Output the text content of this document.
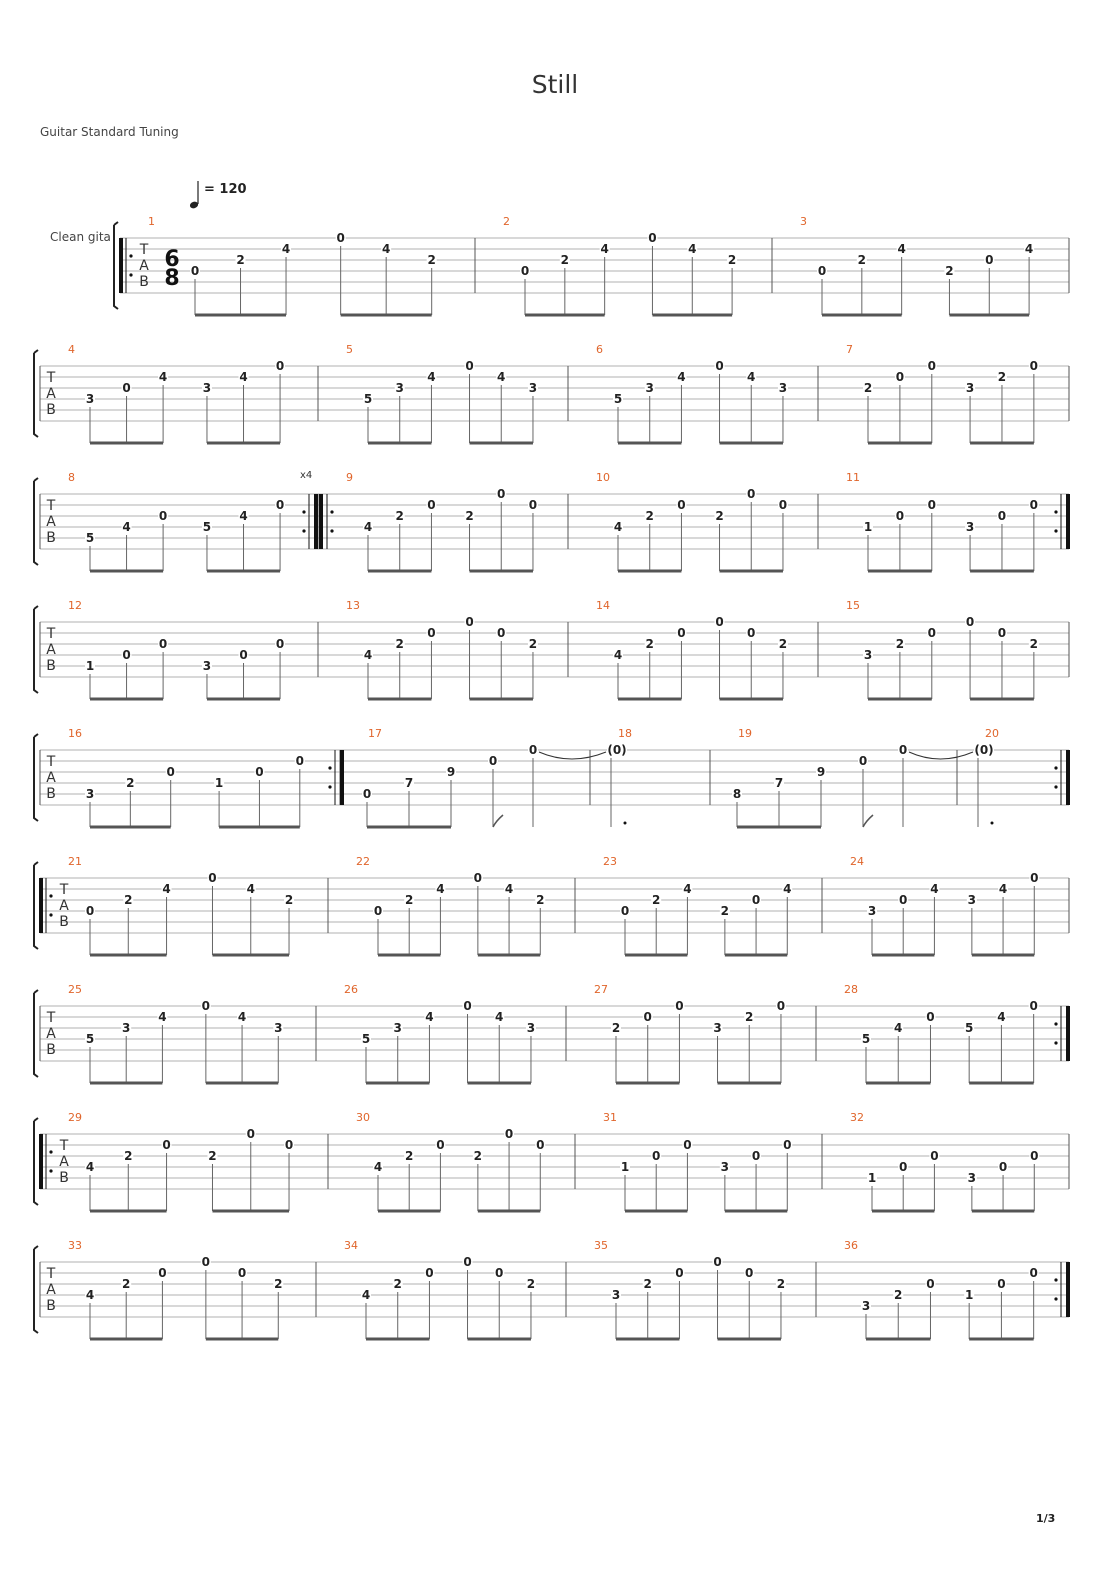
Still
Guitar Standard Tuning
= 120
Clean gita
T
A
B
6
8
1
0
2
4
0
4
2
2
0
2
4
0
4
2
3
0
2
4
2
0
4
T
A
B
4
3
0
4
3
4
0
5
5
3
4
0
4
3
6
5
3
4
0
4
3
7
2
0
0
3
2
0
T
A
B
x4
8
5
4
0
5
4
0
9
4
2
0
2
0
0
10
4
2
0
2
0
0
11
1
0
0
3
0
0
T
A
B
12
1
0
0
3
0
0
13
4
2
0
0
0
2
14
4
2
0
0
0
2
15
3
2
0
0
0
2
T
A
B
16
3
2
0
1
0
0
17
0
7
9
0
0
18
(0)
19
8
7
9
0
0
20
(0)
T
A
B
21
0
2
4
0
4
2
22
0
2
4
0
4
2
23
0
2
4
2
0
4
24
3
0
4
3
4
0
T
A
B
25
5
3
4
0
4
3
26
5
3
4
0
4
3
27
2
0
0
3
2
0
28
5
4
0
5
4
0
T
A
B
29
4
2
0
2
0
0
30
4
2
0
2
0
0
31
1
0
0
3
0
0
32
1
0
0
3
0
0
T
A
B
33
4
2
0
0
0
2
34
4
2
0
0
0
2
35
3
2
0
0
0
2
36
3
2
0
1
0
0
1/3
